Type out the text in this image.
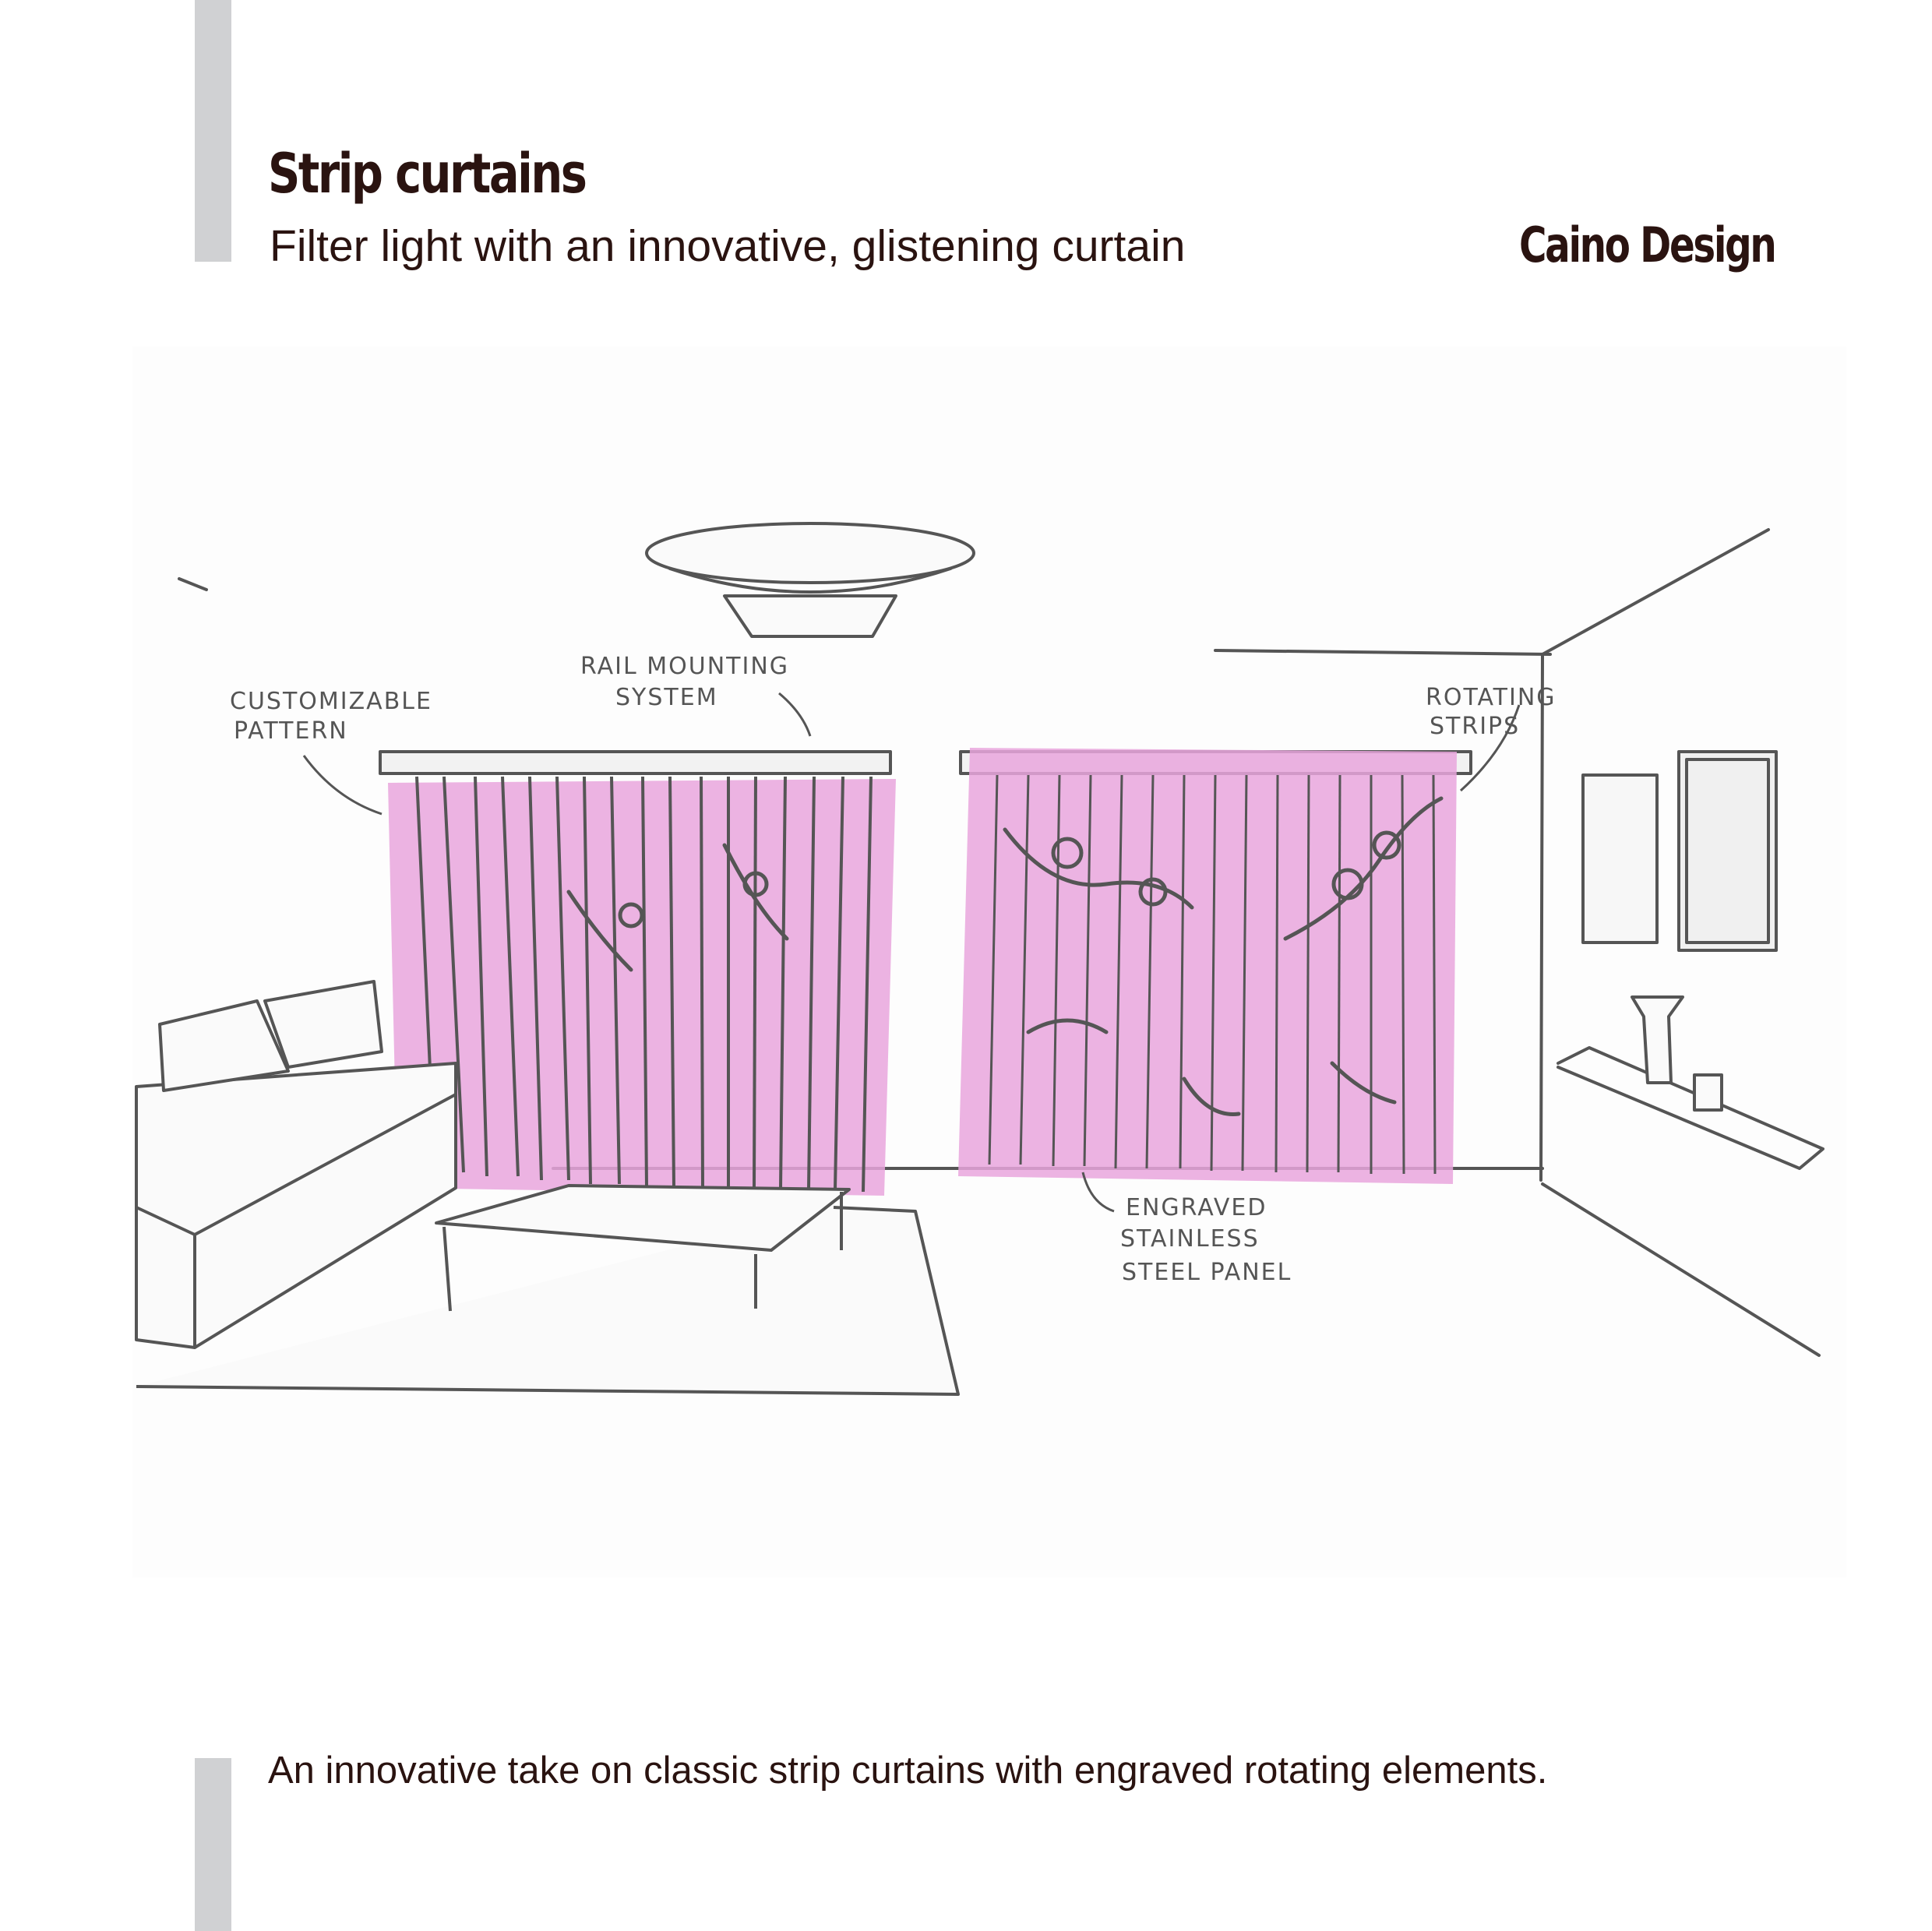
Strip curtains

Filter light with an innovative, glistening curtain	Caino Design

CUSTOMIZABLE
PATTERN
RAIL MOUNTING
SYSTEM	ROTATING
STRIPS
ENGRAVED
STAINLESS
STEEL PANEL

An innovative take on classic strip curtains with engraved rotating elements.
